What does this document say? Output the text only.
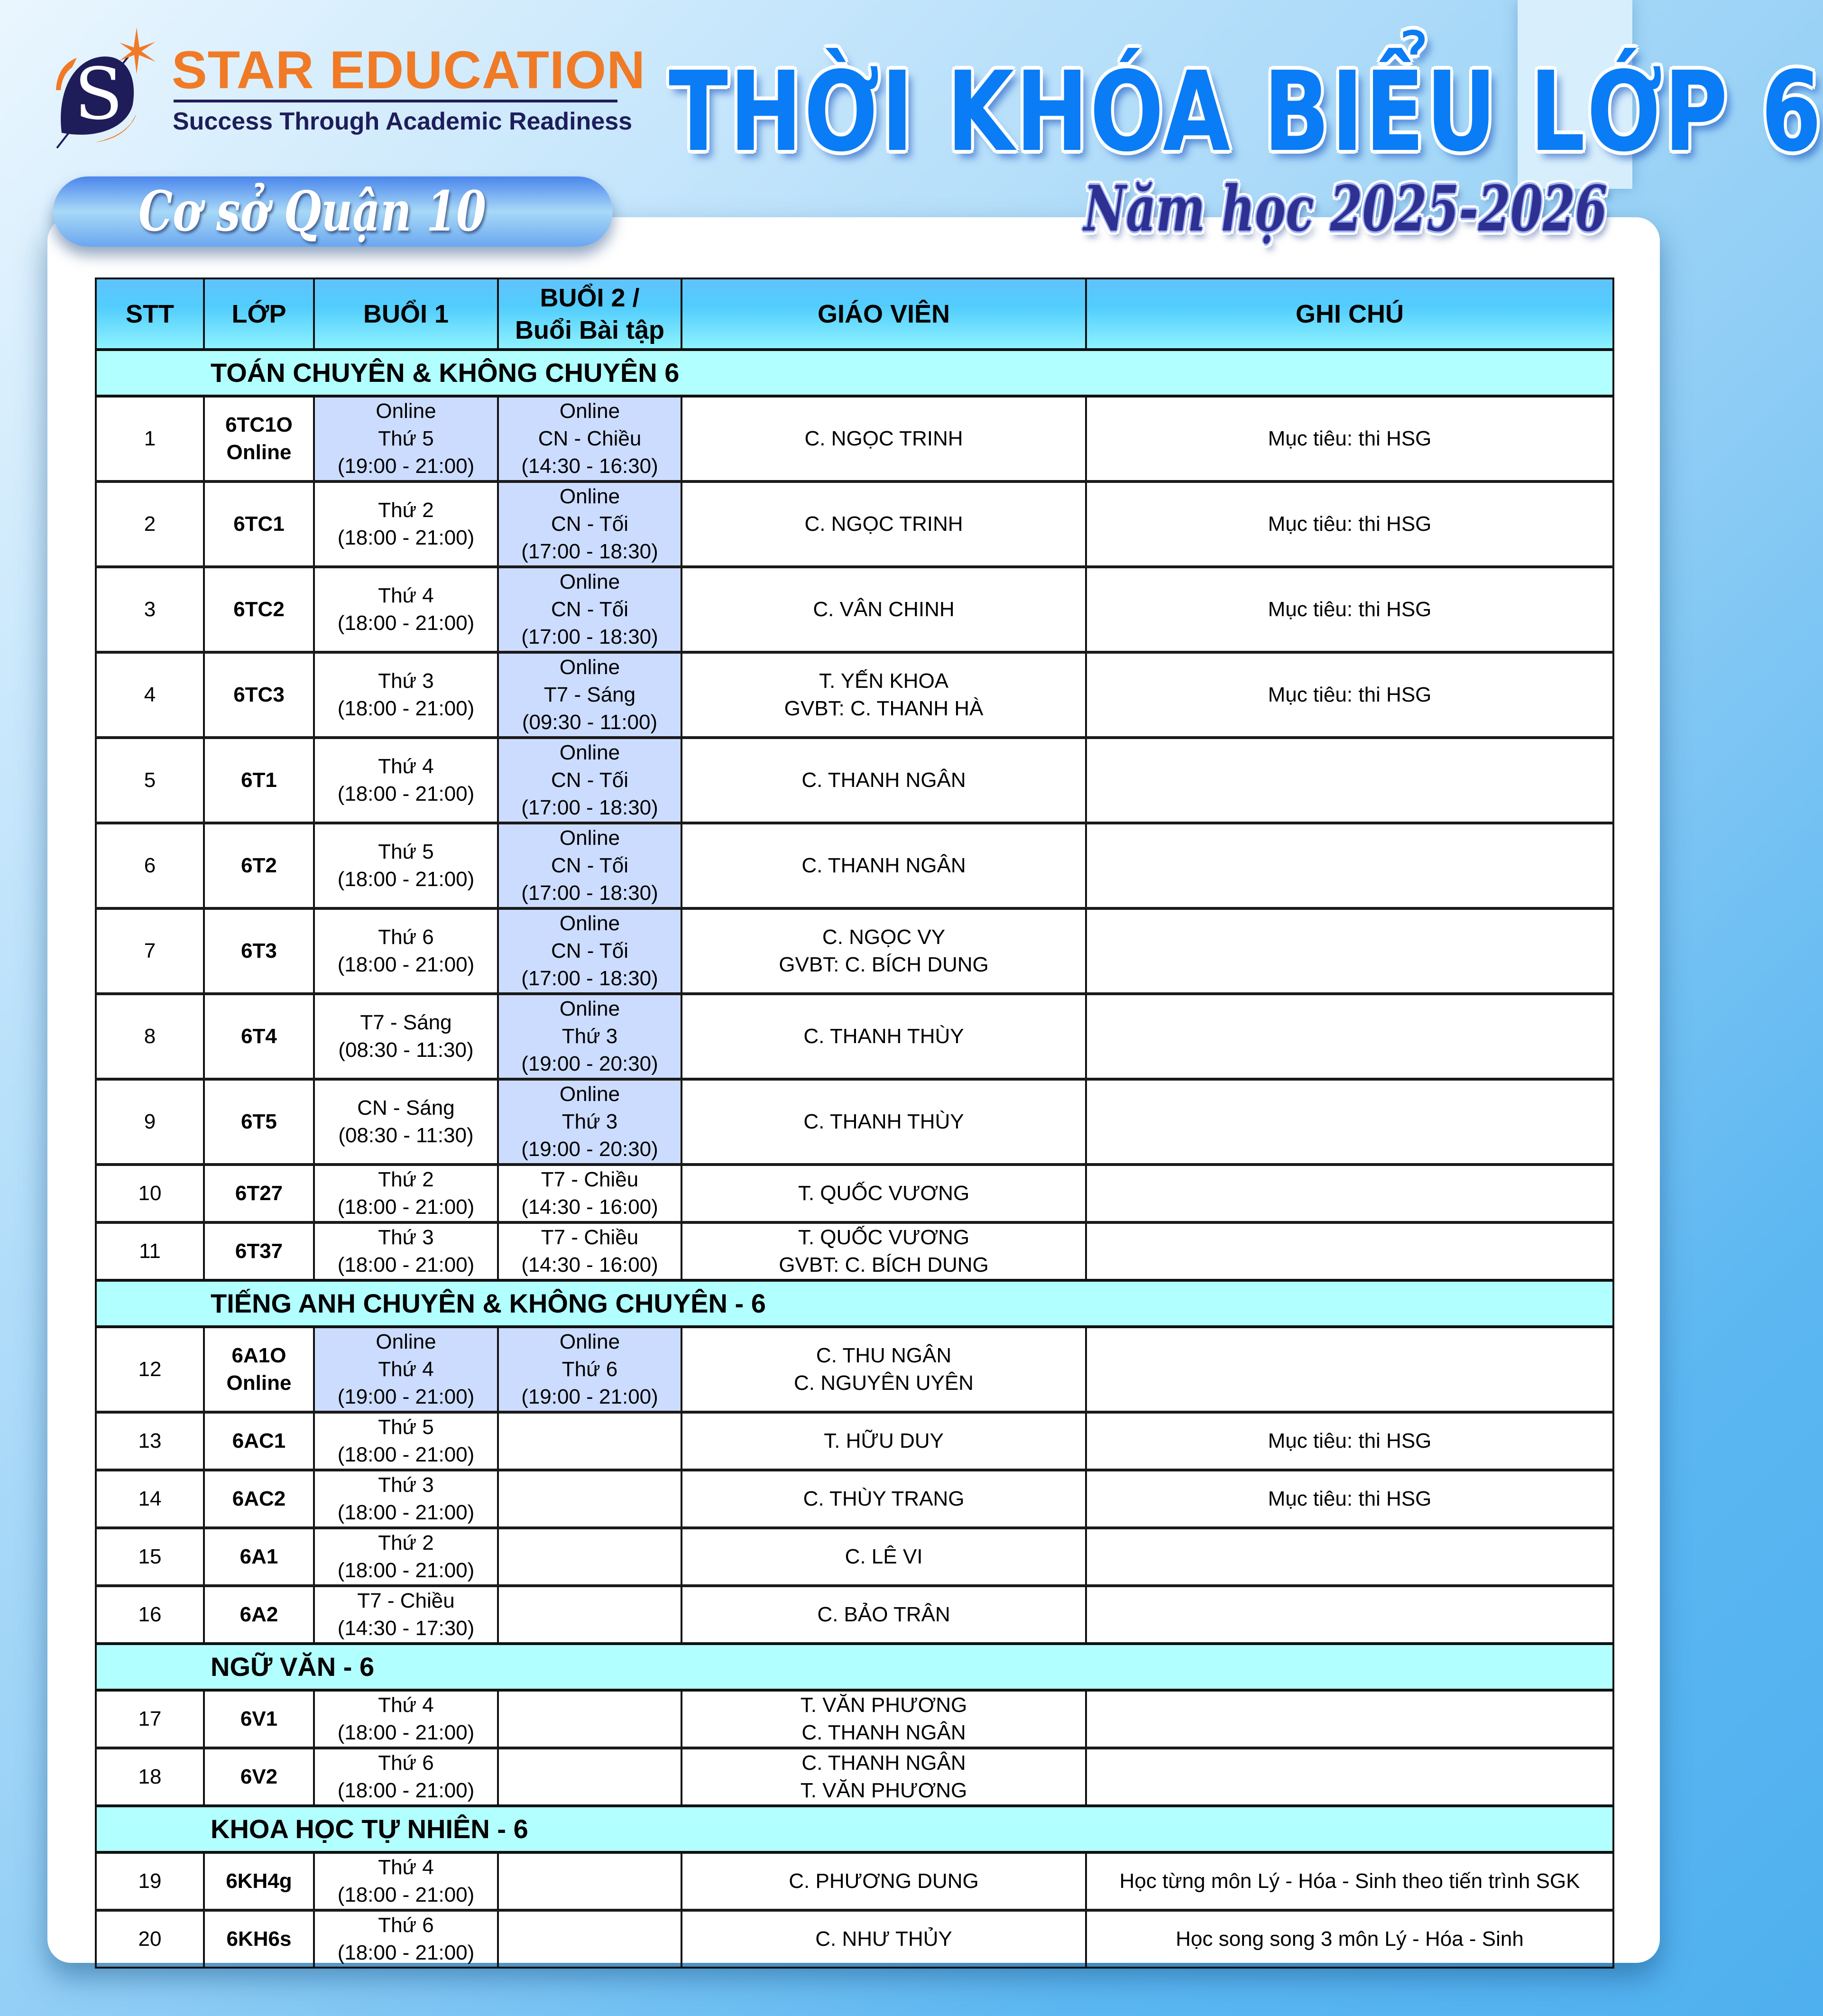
S STAR EDUCATION
Success Through Academic Readiness
Cơ sở Quận 10
THỜI KHÓA BIỂU LỚP 6
Năm học 2025-2026
STT	LỚP	BUỔI 1	BUỔI 2 /
Buổi Bài tập	GIÁO VIÊN	GHI CHÚ
TOÁN CHUYÊN & KHÔNG CHUYÊN 6					
1	6TC1O
Online	Online
Thứ 5
(19:00 - 21:00)	Online
CN - Chiều
(14:30 - 16:30)	C. NGỌC TRINH	Mục tiêu: thi HSG
2	6TC1	Thứ 2
(18:00 - 21:00)	Online
CN - Tối
(17:00 - 18:30)	C. NGỌC TRINH	Mục tiêu: thi HSG
3	6TC2	Thứ 4
(18:00 - 21:00)	Online
CN - Tối
(17:00 - 18:30)	C. VÂN CHINH	Mục tiêu: thi HSG
4	6TC3	Thứ 3
(18:00 - 21:00)	Online
T7 - Sáng
(09:30 - 11:00)	T. YẾN KHOA
GVBT: C. THANH HÀ	Mục tiêu: thi HSG
5	6T1	Thứ 4
(18:00 - 21:00)	Online
CN - Tối
(17:00 - 18:30)	C. THANH NGÂN	

6	6T2	Thứ 5
(18:00 - 21:00)	Online
CN - Tối
(17:00 - 18:30)	C. THANH NGÂN	

7	6T3	Thứ 6
(18:00 - 21:00)	Online
CN - Tối
(17:00 - 18:30)	C. NGỌC VY
GVBT: C. BÍCH DUNG	

8	6T4	T7 - Sáng
(08:30 - 11:30)	Online
Thứ 3
(19:00 - 20:30)	C. THANH THÙY	

9	6T5	CN - Sáng
(08:30 - 11:30)	Online
Thứ 3
(19:00 - 20:30)	C. THANH THÙY	

10	6T27	Thứ 2
(18:00 - 21:00)	T7 - Chiều
(14:30 - 16:00)	T. QUỐC VƯƠNG	

11	6T37	Thứ 3
(18:00 - 21:00)	T7 - Chiều
(14:30 - 16:00)	T. QUỐC VƯƠNG
GVBT: C. BÍCH DUNG	

TIẾNG ANH CHUYÊN & KHÔNG CHUYÊN - 6					
12	6A1O
Online	Online
Thứ 4
(19:00 - 21:00)	Online
Thứ 6
(19:00 - 21:00)	C. THU NGÂN
C. NGUYÊN UYÊN	

13	6AC1	Thứ 5
(18:00 - 21:00)		T. HỮU DUY	Mục tiêu: thi HSG
14	6AC2	Thứ 3
(18:00 - 21:00)		C. THÙY TRANG	Mục tiêu: thi HSG
15	6A1	Thứ 2
(18:00 - 21:00)		C. LÊ VI	

16	6A2	T7 - Chiều
(14:30 - 17:30)		C. BẢO TRÂN	

NGỮ VĂN - 6					
17	6V1	Thứ 4
(18:00 - 21:00)		T. VĂN PHƯƠNG
C. THANH NGÂN	

18	6V2	Thứ 6
(18:00 - 21:00)		C. THANH NGÂN
T. VĂN PHƯƠNG	

KHOA HỌC TỰ NHIÊN - 6					
19	6KH4g	Thứ 4
(18:00 - 21:00)		C. PHƯƠNG DUNG	Học từng môn Lý - Hóa - Sinh theo tiến trình SGK
20	6KH6s	Thứ 6
(18:00 - 21:00)		C. NHƯ THỦY	Học song song 3 môn Lý - Hóa - Sinh
